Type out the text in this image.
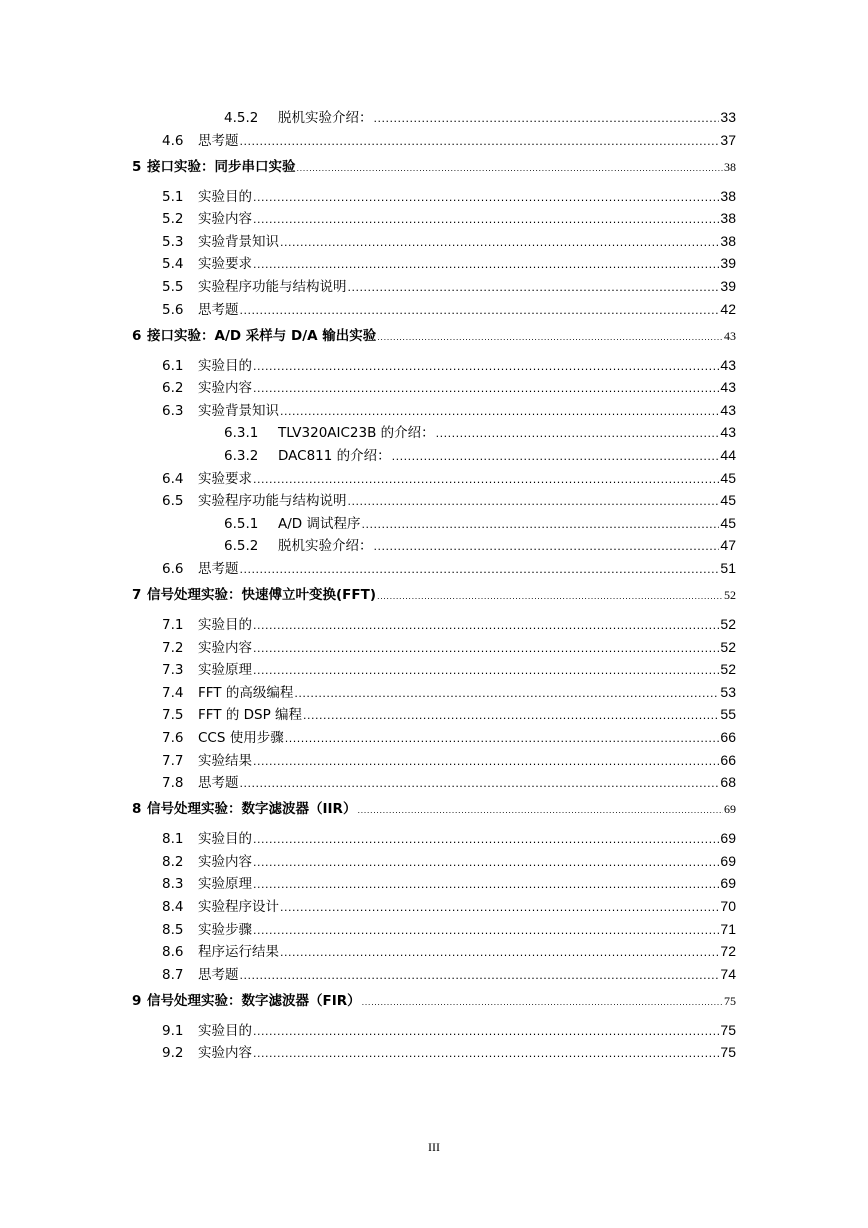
4.5.2 脱机实验介绍： .....	33
4.6 思考题 .....	37
5 接口实验：同步串口实验 .....	38
5.1 实验目的 .....	38
5.2 实验内容 .....	38
5.3 实验背景知识 .....	38
5.4 实验要求 .....	39
5.5 实验程序功能与结构说明 .....	39
5.6 思考题 .....	42
6 接口实验：A/D 采样与 D/A 输出实验 .....	43
6.1 实验目的 .....	43
6.2 实验内容 .....	43
6.3 实验背景知识 .....	43
6.3.1 TLV320AIC23B 的介绍： .....	43
6.3.2 DAC811 的介绍： .....	44
6.4 实验要求 .....	45
6.5 实验程序功能与结构说明 .....	45
6.5.1 A/D 调试程序 .....	45
6.5.2 脱机实验介绍： .....	47
6.6 思考题 .....	51
7 信号处理实验：快速傅立叶变换(FFT) .....	52
7.1 实验目的 .....	52
7.2 实验内容 .....	52
7.3 实验原理 .....	52
7.4 FFT 的高级编程 .....	53
7.5 FFT 的 DSP 编程 .....	55
7.6 CCS 使用步骤 .....	66
7.7 实验结果 .....	66
7.8 思考题 .....	68
8 信号处理实验：数字滤波器（IIR） .....	69
8.1 实验目的 .....	69
8.2 实验内容 .....	69
8.3 实验原理 .....	69
8.4 实验程序设计 .....	70
8.5 实验步骤 .....	71
8.6 程序运行结果 .....	72
8.7 思考题 .....	74
9 信号处理实验：数字滤波器（FIR） .....	75
9.1 实验目的 .....	75
9.2 实验内容 .....	75
III
